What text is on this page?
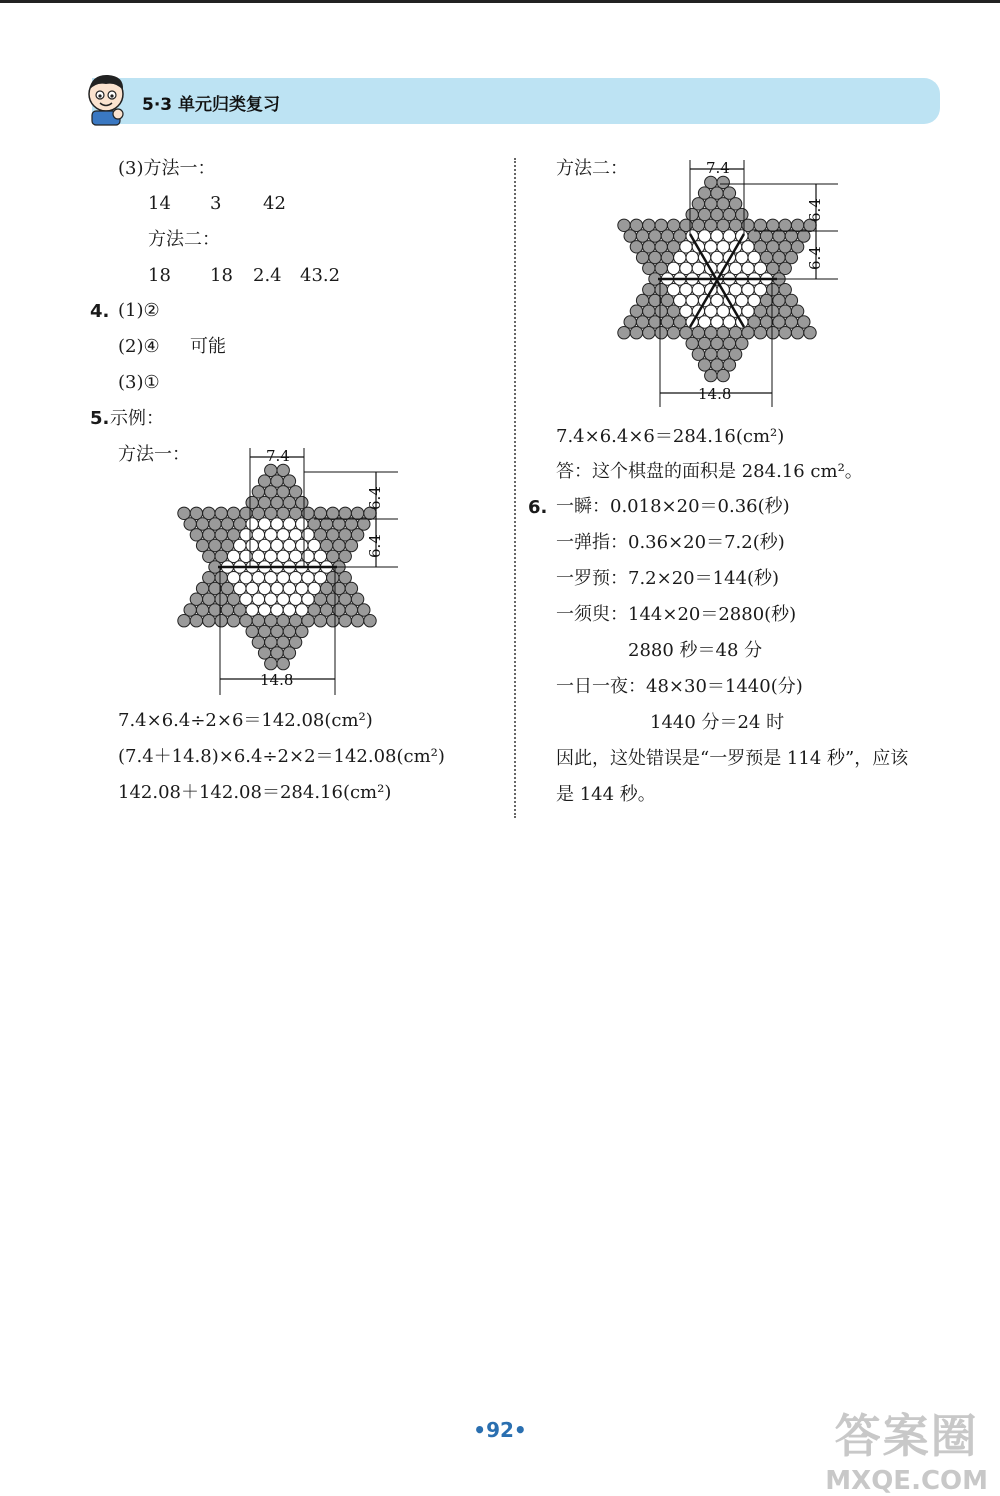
5·3 单元归类复习
(3)方法一：
14 3 42
方法二：
18 18 2.4 43.2
4. (1)②
(2)④ 可能
(3)①
5. 示例：
方法一：	7.4
6.4
6.4
14.8
7.4×6.4÷2×6＝142.08(cm²)
(7.4＋14.8)×6.4÷2×2＝142.08(cm²)
142.08＋142.08＝284.16(cm²)
方法二：	7.4
6.4
6.4
14.8
7.4×6.4×6＝284.16(cm²)
答：这个棋盘的面积是 284.16 cm²。
6. 一瞬：0.018×20＝0.36(秒)
一弹指：0.36×20＝7.2(秒)
一罗预：7.2×20＝144(秒)
一须臾：144×20＝2880(秒)
2880 秒＝48 分
一日一夜：48×30＝1440(分)
1440 分＝24 时
因此，这处错误是“一罗预是 114 秒”，应该
是 144 秒。
•92•	答案圈
MXQE.COM
